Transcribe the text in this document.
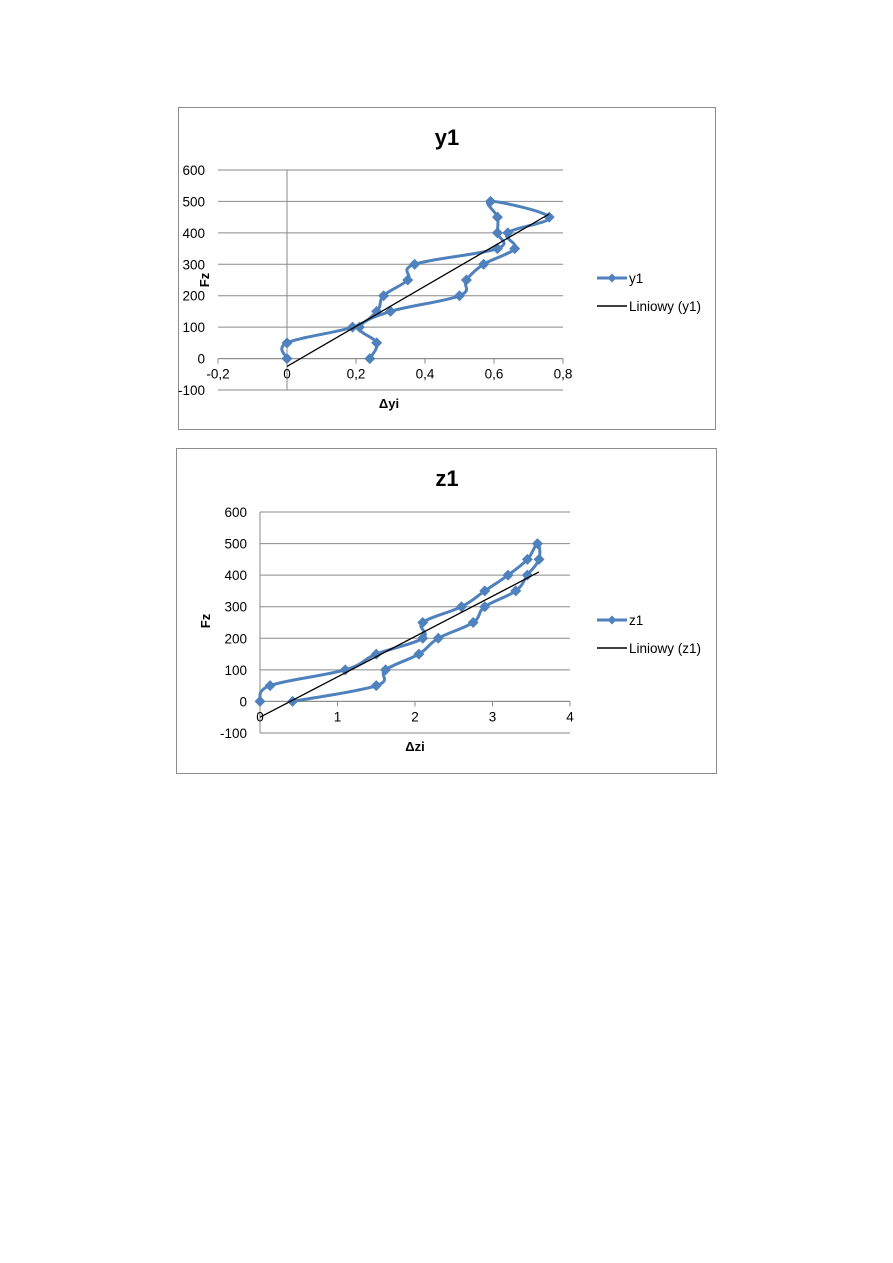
y1
-100
0
100
200
300
400
500
600
-0,2	0	0,2	0,4	0,6	0,8
Δyi
Fz	y1
Liniowy (y1)
z1
-100
0
100
200
300
400
500
600
0	1	2	3	4
Δzi
Fz	z1
Liniowy (z1)
